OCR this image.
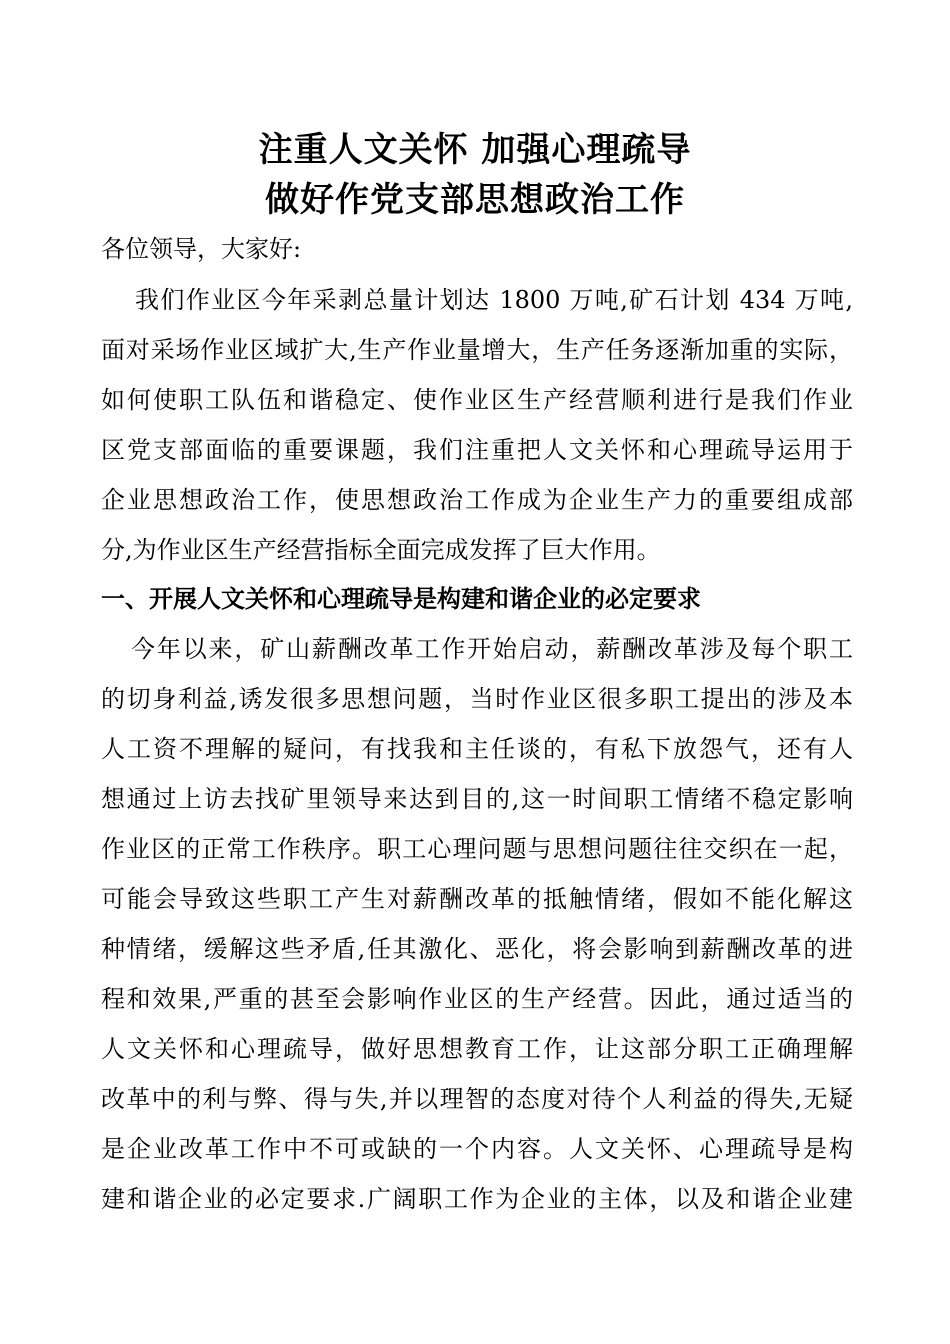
注重人文关怀 加强心理疏导
做好作党支部思想政治工作
各位领导，大家好:
我们作业区今年采剥总量计划达 1800 万吨,矿石计划 434 万吨,
面对采场作业区域扩大,生产作业量增大，生产任务逐渐加重的实际，
如何使职工队伍和谐稳定、使作业区生产经营顺利进行是我们作业
区党支部面临的重要课题，我们注重把人文关怀和心理疏导运用于
企业思想政治工作，使思想政治工作成为企业生产力的重要组成部
分,为作业区生产经营指标全面完成发挥了巨大作用。
一、开展人文关怀和心理疏导是构建和谐企业的必定要求
今年以来，矿山薪酬改革工作开始启动，薪酬改革涉及每个职工
的切身利益,诱发很多思想问题，当时作业区很多职工提出的涉及本
人工资不理解的疑问，有找我和主任谈的，有私下放怨气，还有人
想通过上访去找矿里领导来达到目的,这一时间职工情绪不稳定影响
作业区的正常工作秩序。职工心理问题与思想问题往往交织在一起，
可能会导致这些职工产生对薪酬改革的抵触情绪，假如不能化解这
种情绪，缓解这些矛盾,任其激化、恶化，将会影响到薪酬改革的进
程和效果,严重的甚至会影响作业区的生产经营。因此，通过适当的
人文关怀和心理疏导，做好思想教育工作，让这部分职工正确理解
改革中的利与弊、得与失,并以理智的态度对待个人利益的得失,无疑
是企业改革工作中不可或缺的一个内容。人文关怀、心理疏导是构
建和谐企业的必定要求.广阔职工作为企业的主体，以及和谐企业建
